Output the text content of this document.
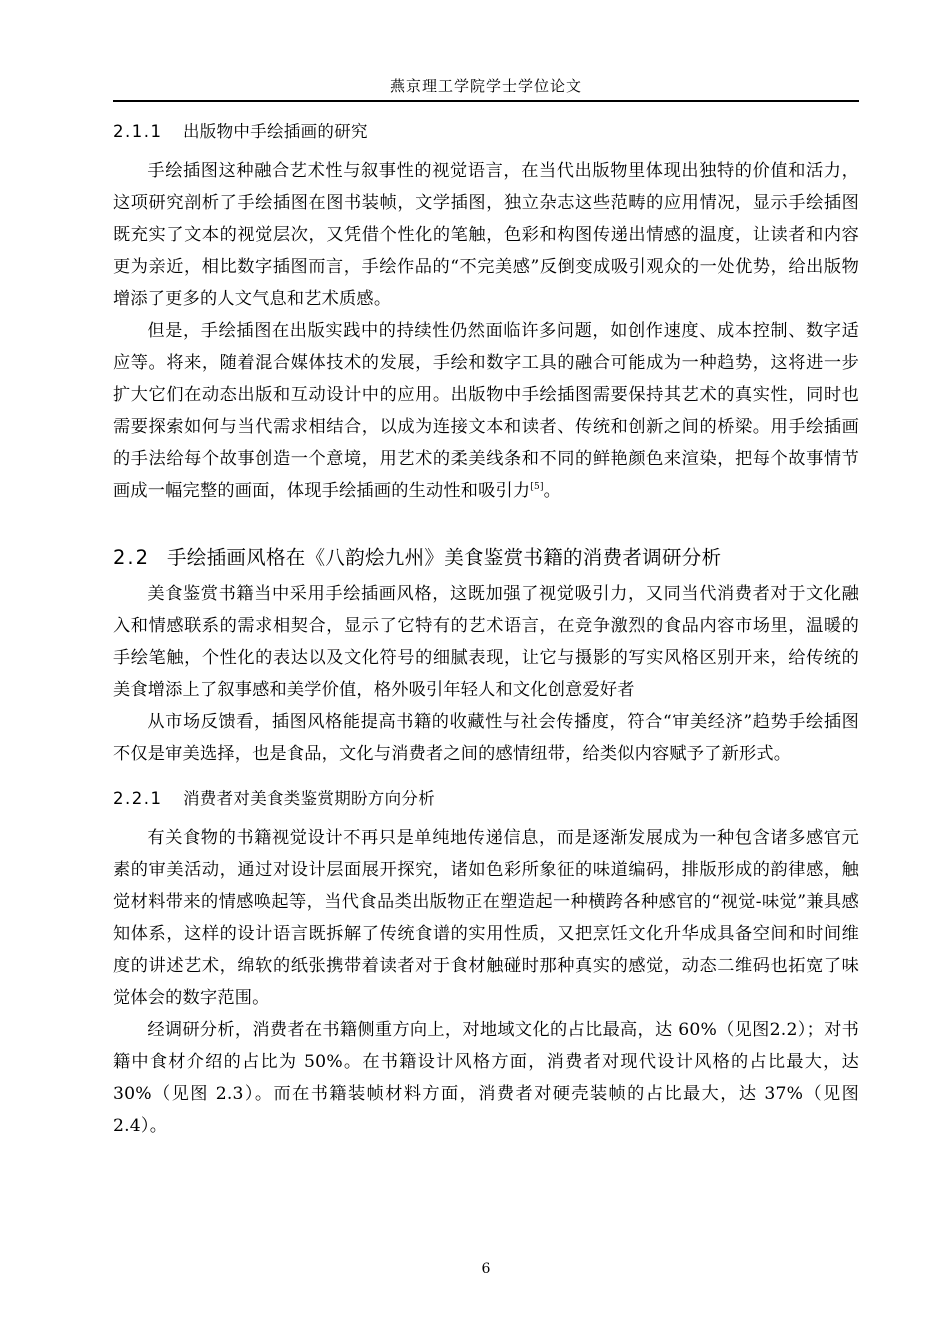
燕京理工学院学士学位论文
2.1.1 出版物中手绘插画的研究

手绘插图这种融合艺术性与叙事性的视觉语言，在当代出版物里体现出独特的价值和活力，这项研究剖析了手绘插图在图书装帧，文学插图，独立杂志这些范畴的应用情况，显示手绘插图既充实了文本的视觉层次，又凭借个性化的笔触，色彩和构图传递出情感的温度，让读者和内容更为亲近，相比数字插图而言，手绘作品的“不完美感”反倒变成吸引观众的一处优势，给出版物增添了更多的人文气息和艺术质感。

但是，手绘插图在出版实践中的持续性仍然面临许多问题，如创作速度、成本控制、数字适应等。将来，随着混合媒体技术的发展，手绘和数字工具的融合可能成为一种趋势，这将进一步扩大它们在动态出版和互动设计中的应用。出版物中手绘插图需要保持其艺术的真实性，同时也需要探索如何与当代需求相结合，以成为连接文本和读者、传统和创新之间的桥梁。用手绘插画的手法给每个故事创造一个意境，用艺术的柔美线条和不同的鲜艳颜色来渲染，把每个故事情节画成一幅完整的画面，体现手绘插画的生动性和吸引力[5]。

2.2 手绘插画风格在《八韵烩九州》美食鉴赏书籍的消费者调研分析

美食鉴赏书籍当中采用手绘插画风格，这既加强了视觉吸引力，又同当代消费者对于文化融入和情感联系的需求相契合，显示了它特有的艺术语言，在竞争激烈的食品内容市场里，温暖的手绘笔触，个性化的表达以及文化符号的细腻表现，让它与摄影的写实风格区别开来，给传统的美食增添上了叙事感和美学价值，格外吸引年轻人和文化创意爱好者

从市场反馈看，插图风格能提高书籍的收藏性与社会传播度，符合“审美经济”趋势手绘插图不仅是审美选择，也是食品，文化与消费者之间的感情纽带，给类似内容赋予了新形式。

2.2.1 消费者对美食类鉴赏期盼方向分析

有关食物的书籍视觉设计不再只是单纯地传递信息，而是逐渐发展成为一种包含诸多感官元素的审美活动，通过对设计层面展开探究，诸如色彩所象征的味道编码，排版形成的韵律感，触觉材料带来的情感唤起等，当代食品类出版物正在塑造起一种横跨各种感官的“视觉-味觉”兼具感知体系，这样的设计语言既拆解了传统食谱的实用性质，又把烹饪文化升华成具备空间和时间维度的讲述艺术，绵软的纸张携带着读者对于食材触碰时那种真实的感觉，动态二维码也拓宽了味觉体会的数字范围。

经调研分析，消费者在书籍侧重方向上，对地域文化的占比最高，达 60%（见图2.2）；对书籍中食材介绍的占比为 50%。在书籍设计风格方面，消费者对现代设计风格的占比最大，达 30%（见图 2.3）。而在书籍装帧材料方面，消费者对硬壳装帧的占比最大，达 37%（见图 2.4）。

6
